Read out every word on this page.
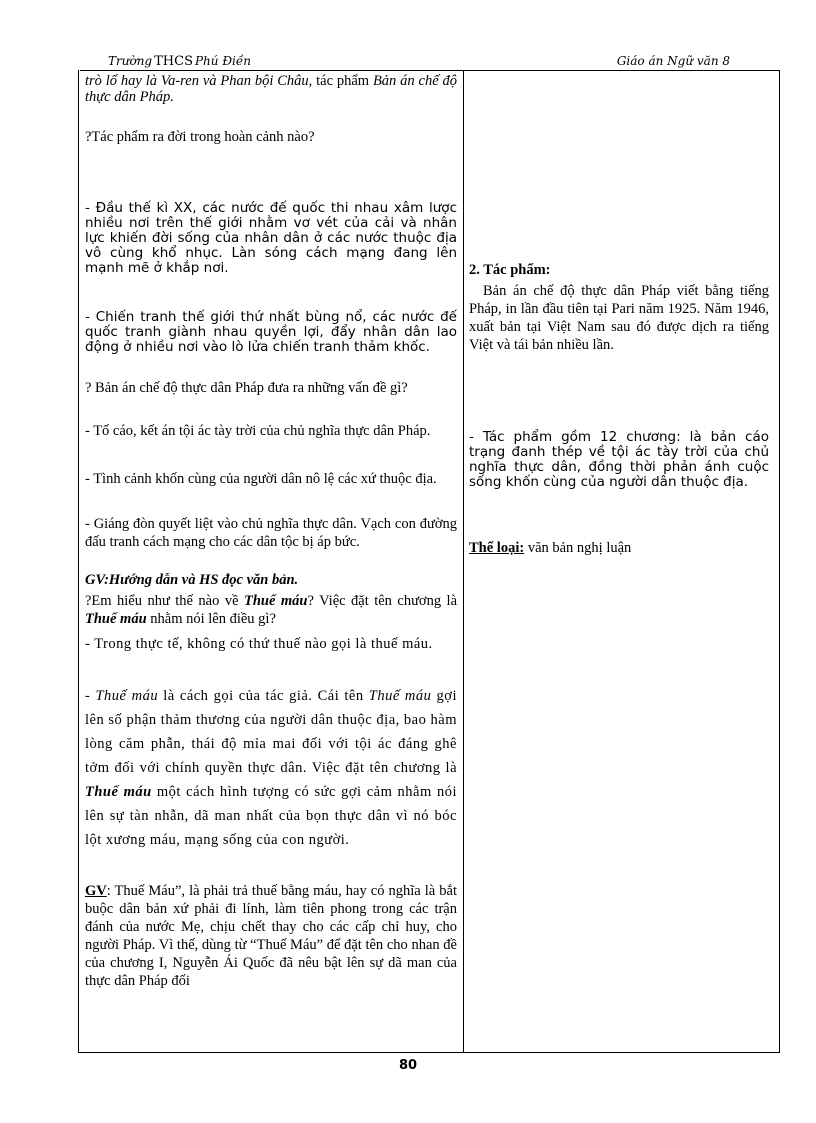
Trường THCS Phú Điền	Giáo án Ngữ văn 8

trò lố hay là Va-ren và Phan bội Châu, tác phẩm Bản án chế độ thực dân Pháp.

?Tác phẩm ra đời trong hoàn cảnh nào?

- Đầu thế kì XX, các nước đế quốc thi nhau xâm lược nhiều nơi trên thế giới nhằm vơ vét của cải và nhân lực khiến đời sống của nhân dân ở các nước thuộc địa vô cùng khổ nhục. Làn sóng cách mạng đang lên mạnh mẽ ở khắp nơi.

- Chiến tranh thế giới thứ nhất bùng nổ, các nước đế quốc tranh giành nhau quyền lợi, đẩy nhân dân lao động ở nhiều nơi vào lò lửa chiến tranh thảm khốc.

? Bản án chế độ thực dân Pháp đưa ra những vấn đề gì?

- Tố cáo, kết án tội ác tày trời của chủ nghĩa thực dân Pháp.

- Tình cảnh khốn cùng của người dân nô lệ các xứ thuộc địa.

- Giáng đòn quyết liệt vào chủ nghĩa thực dân. Vạch con đường đấu tranh cách mạng cho các dân tộc bị áp bức.

GV:Hướng dẫn và HS đọc văn bản.

?Em hiểu như thế nào về Thuế máu? Việc đặt tên chương là Thuế máu nhằm nói lên điều gì?

- Trong thực tế, không có thứ thuế nào gọi là thuế máu.

- Thuế máu là cách gọi của tác giả. Cái tên Thuế máu gợi lên số phận thảm thương của người dân thuộc địa, bao hàm lòng căm phẫn, thái độ mỉa mai đối với tội ác đáng ghê tởm đối với chính quyền thực dân. Việc đặt tên chương là Thuế máu một cách hình tượng có sức gợi cảm nhằm nói lên sự tàn nhẫn, dã man nhất của bọn thực dân vì nó bóc lột xương máu, mạng sống của con người.

GV: Thuế Máu”, là phải trả thuế bằng máu, hay có nghĩa là bắt buộc dân bản xứ phải đi lính, làm tiên phong trong các trận đánh của nước Mẹ, chịu chết thay cho các cấp chỉ huy, cho người Pháp. Vì thế, dùng từ “Thuế Máu” để đặt tên cho nhan đề của chương I, Nguyễn Ái Quốc đã nêu bật lên sự dã man của thực dân Pháp đối

2. Tác phẩm:

Bản án chế độ thực dân Pháp viết bằng tiếng Pháp, in lần đầu tiên tại Pari năm 1925. Năm 1946, xuất bản tại Việt Nam sau đó được dịch ra tiếng Việt và tái bản nhiều lần.

- Tác phẩm gồm 12 chương: là bản cáo trạng đanh thép về tội ác tày trời của chủ nghĩa thực dân, đồng thời phản ánh cuộc sống khốn cùng của người dân thuộc địa.

Thể loại: văn bản nghị luận

80
